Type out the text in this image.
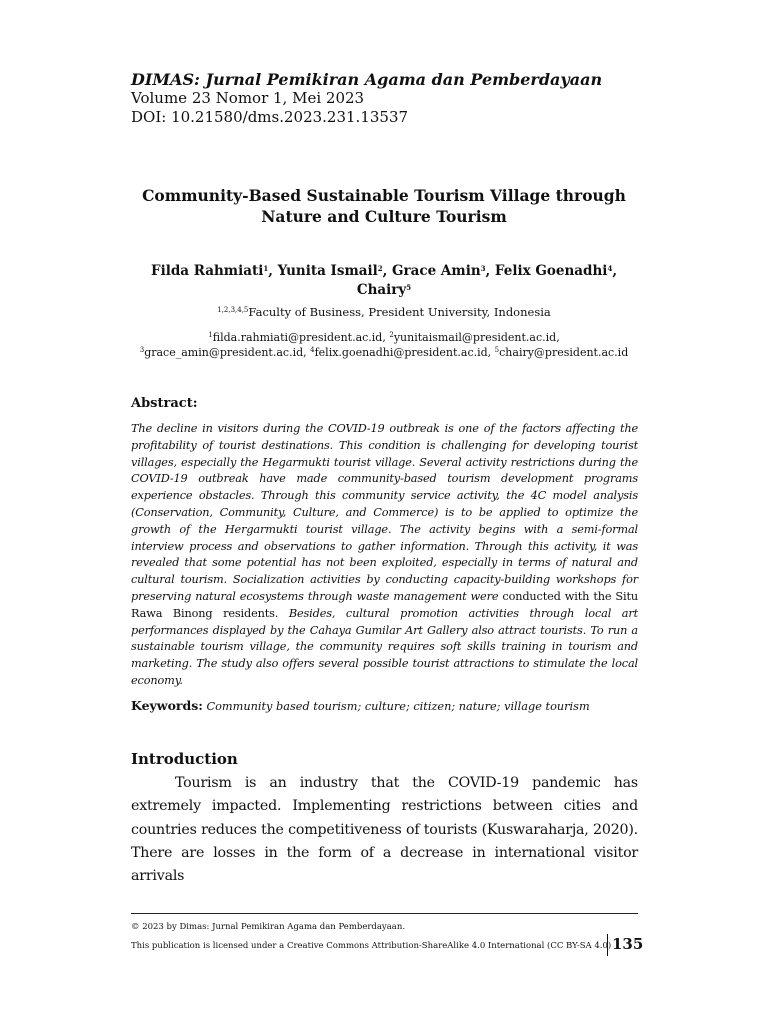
DIMAS: Jurnal Pemikiran Agama dan Pemberdayaan
Volume 23 Nomor 1, Mei 2023
DOI: 10.21580/dms.2023.231.13537
Community-Based Sustainable Tourism Village through
Nature and Culture Tourism
Filda Rahmiati$^1$, Yunita Ismail$^2$, Grace Amin$^3$, Felix Goenadhi$^4$,
Chairy$^5$
$^{1,2,3,4,5}$Faculty of Business, President University, Indonesia
$^1$filda.rahmiati@president.ac.id, $^2$yunitaismail@president.ac.id,
$^3$grace_amin@president.ac.id, $^4$felix.goenadhi@president.ac.id, $^5$chairy@president.ac.id
Abstract:
The decline in visitors during the COVID-19 outbreak is one of the factors affecting the profitability of tourist destinations. This condition is challenging for developing tourist villages, especially the Hegarmukti tourist village. Several activity restrictions during the COVID-19 outbreak have made community-based tourism development programs experience obstacles. Through this community service activity, the 4C model analysis (Conservation, Community, Culture, and Commerce) is to be applied to optimize the growth of the Hergarmukti tourist village. The activity begins with a semi-formal interview process and observations to gather information. Through this activity, it was revealed that some potential has not been exploited, especially in terms of natural and cultural tourism. Socialization activities by conducting capacity-building workshops for preserving natural ecosystems through waste management were conducted with the Situ Rawa Binong residents. Besides, cultural promotion activities through local art performances displayed by the Cahaya Gumilar Art Gallery also attract tourists. To run a sustainable tourism village, the community requires soft skills training in tourism and marketing. The study also offers several possible tourist attractions to stimulate the local economy.
Keywords: Community based tourism; culture; citizen; nature; village tourism
Introduction
Tourism is an industry that the COVID-19 pandemic has extremely impacted. Implementing restrictions between cities and countries reduces the competitiveness of tourists (Kuswaraharja, 2020). There are losses in the form of a decrease in international visitor arrivals
© 2023 by Dimas: Jurnal Pemikiran Agama dan Pemberdayaan.
This publication is licensed under a Creative Commons Attribution-ShareAlike 4.0 International (CC BY-SA 4.0) 135
